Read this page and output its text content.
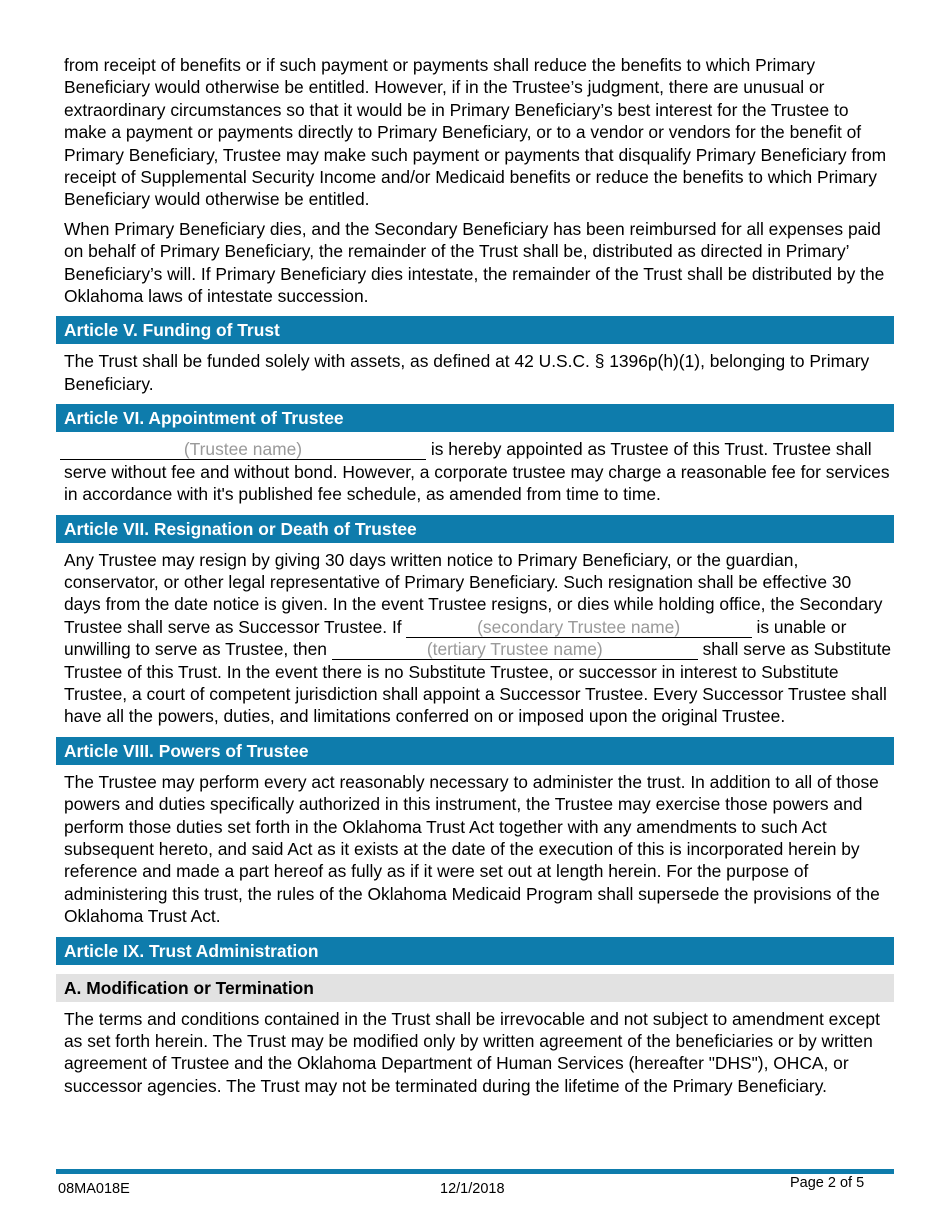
from receipt of benefits or if such payment or payments shall reduce the benefits to which Primary Beneficiary would otherwise be entitled. However, if in the Trustee’s judgment, there are unusual or extraordinary circumstances so that it would be in Primary Beneficiary’s best interest for the Trustee to make a payment or payments directly to Primary Beneficiary, or to a vendor or vendors for the benefit of Primary Beneficiary, Trustee may make such payment or payments that disqualify Primary Beneficiary from receipt of Supplemental Security Income and/or Medicaid benefits or reduce the benefits to which Primary Beneficiary would otherwise be entitled.

When Primary Beneficiary dies, and the Secondary Beneficiary has been reimbursed for all expenses paid on behalf of Primary Beneficiary, the remainder of the Trust shall be, distributed as directed in Primary’ Beneficiary’s will. If Primary Beneficiary dies intestate, the remainder of the Trust shall be distributed by the Oklahoma laws of intestate succession.

Article V. Funding of Trust

The Trust shall be funded solely with assets, as defined at 42 U.S.C. § 1396p(h)(1), belonging to Primary Beneficiary.

Article VI. Appointment of Trustee

(Trustee name)	is hereby appointed as Trustee of this Trust. Trustee shall serve without fee and without bond. However, a corporate trustee may charge a reasonable fee for services in accordance with it's published fee schedule, as amended from time to time.

Article VII. Resignation or Death of Trustee

Any Trustee may resign by giving 30 days written notice to Primary Beneficiary, or the guardian, conservator, or other legal representative of Primary Beneficiary. Such resignation shall be effective 30 days from the date notice is given. In the event Trustee resigns, or dies while holding office, the Secondary Trustee shall serve as Successor Trustee. If	(secondary Trustee name)	is unable or unwilling to serve as Trustee, then	(tertiary Trustee name)	shall serve as Substitute Trustee of this Trust. In the event there is no Substitute Trustee, or successor in interest to Substitute Trustee, a court of competent jurisdiction shall appoint a Successor Trustee. Every Successor Trustee shall have all the powers, duties, and limitations conferred on or imposed upon the original Trustee.

Article VIII. Powers of Trustee

The Trustee may perform every act reasonably necessary to administer the trust. In addition to all of those powers and duties specifically authorized in this instrument, the Trustee may exercise those powers and perform those duties set forth in the Oklahoma Trust Act together with any amendments to such Act subsequent hereto, and said Act as it exists at the date of the execution of this is incorporated herein by reference and made a part hereof as fully as if it were set out at length herein. For the purpose of administering this trust, the rules of the Oklahoma Medicaid Program shall supersede the provisions of the Oklahoma Trust Act.

Article IX. Trust Administration
A. Modification or Termination

The terms and conditions contained in the Trust shall be irrevocable and not subject to amendment except as set forth herein. The Trust may be modified only by written agreement of the beneficiaries or by written agreement of Trustee and the Oklahoma Department of Human Services (hereafter "DHS"), OHCA, or successor agencies. The Trust may not be terminated during the lifetime of the Primary Beneficiary.

08MA018E	12/1/2018	Page 2 of 5
